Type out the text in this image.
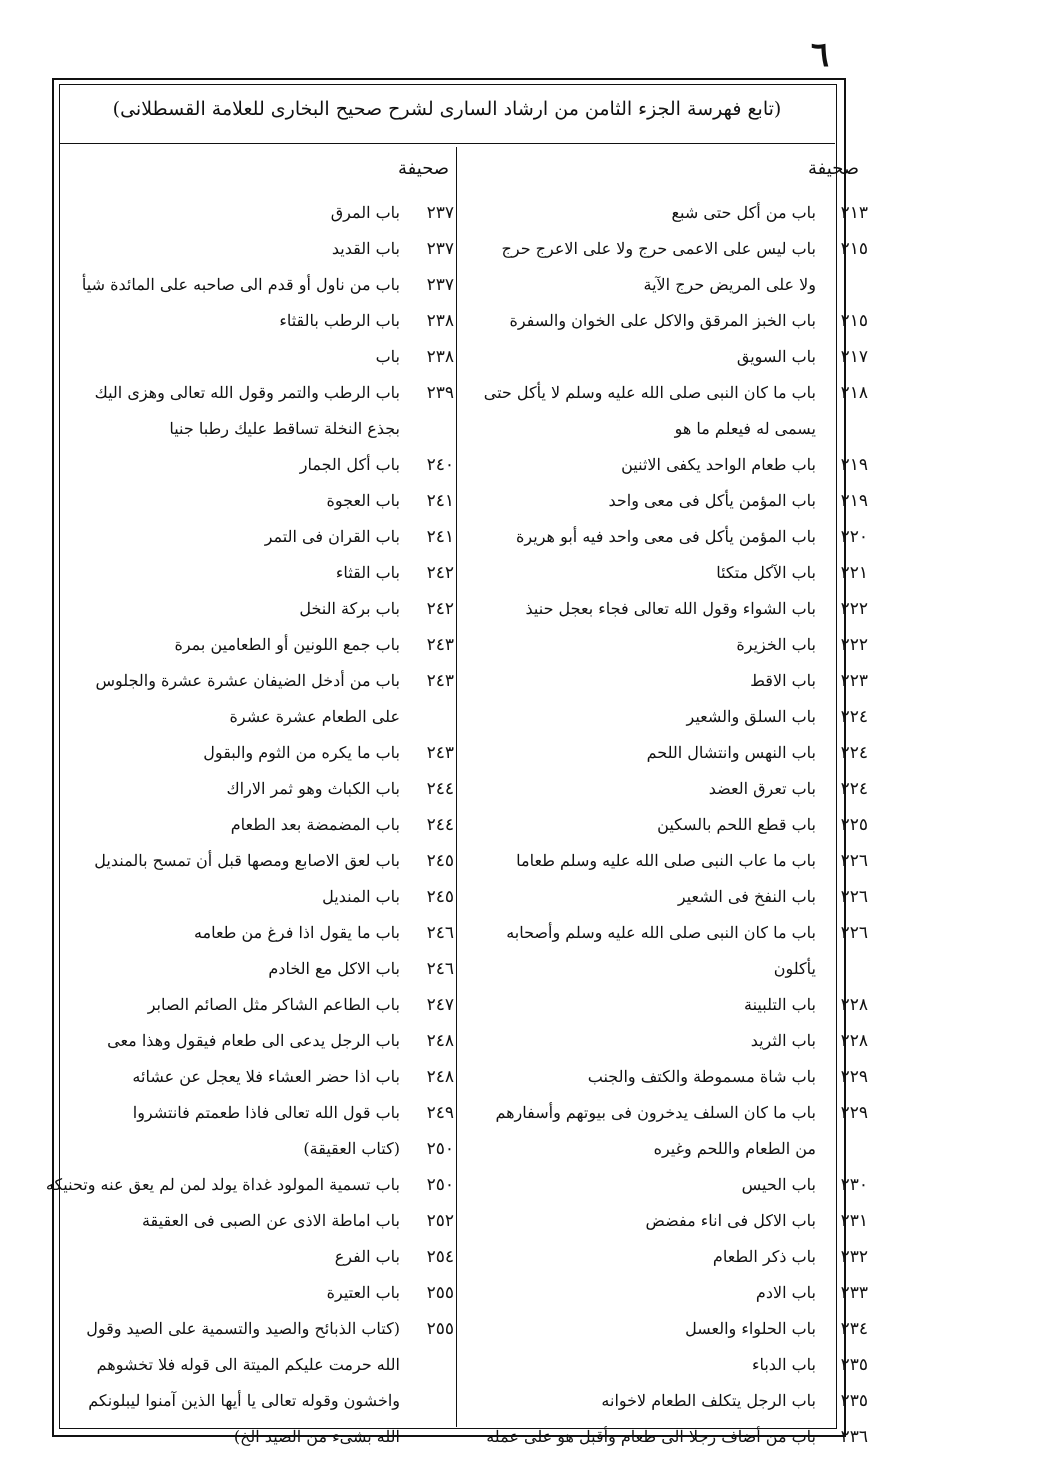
٦
(تابع فهرسة الجزء الثامن من ارشاد السارى لشرح صحيح البخارى للعلامة القسطلانى)
صحيفة
صحيفة
٢١٣
باب من أكل حتى شبع
٢١٥
باب ليس على الاعمى حرج ولا على الاعرج حرج
ولا على المريض حرج الآية
٢١٥
باب الخبز المرقق والاكل على الخوان والسفرة
٢١٧
باب السويق
٢١٨
باب ما كان النبى صلى الله عليه وسلم لا يأكل حتى
يسمى له فيعلم ما هو
٢١٩
باب طعام الواحد يكفى الاثنين
٢١٩
باب المؤمن يأكل فى معى واحد
٢٢٠
باب المؤمن يأكل فى معى واحد فيه أبو هريرة
٢٢١
باب الآكل متكئا
٢٢٢
باب الشواء وقول الله تعالى فجاء بعجل حنيذ
٢٢٢
باب الخزيرة
٢٢٣
باب الاقط
٢٢٤
باب السلق والشعير
٢٢٤
باب النهس وانتشال اللحم
٢٢٤
باب تعرق العضد
٢٢٥
باب قطع اللحم بالسكين
٢٢٦
باب ما عاب النبى صلى الله عليه وسلم طعاما
٢٢٦
باب النفخ فى الشعير
٢٢٦
باب ما كان النبى صلى الله عليه وسلم وأصحابه
يأكلون
٢٢٨
باب التلبينة
٢٢٨
باب الثريد
٢٢٩
باب شاة مسموطة والكتف والجنب
٢٢٩
باب ما كان السلف يدخرون فى بيوتهم وأسفارهم
من الطعام واللحم وغيره
٢٣٠
باب الحيس
٢٣١
باب الاكل فى اناء مفضض
٢٣٢
باب ذكر الطعام
٢٣٣
باب الادم
٢٣٤
باب الحلواء والعسل
٢٣٥
باب الدباء
٢٣٥
باب الرجل يتكلف الطعام لاخوانه
٢٣٦
باب من أضاف رجلا الى طعام وأقبل هو على عمله
٢٣٧
باب المرق
٢٣٧
باب القديد
٢٣٧
باب من ناول أو قدم الى صاحبه على المائدة شيأ
٢٣٨
باب الرطب بالقثاء
٢٣٨
باب
٢٣٩
باب الرطب والتمر وقول الله تعالى وهزى اليك
بجذع النخلة تساقط عليك رطبا جنيا
٢٤٠
باب أكل الجمار
٢٤١
باب العجوة
٢٤١
باب القران فى التمر
٢٤٢
باب القثاء
٢٤٢
باب بركة النخل
٢٤٣
باب جمع اللونين أو الطعامين بمرة
٢٤٣
باب من أدخل الضيفان عشرة عشرة والجلوس
على الطعام عشرة عشرة
٢٤٣
باب ما يكره من الثوم والبقول
٢٤٤
باب الكباث وهو ثمر الاراك
٢٤٤
باب المضمضة بعد الطعام
٢٤٥
باب لعق الاصابع ومصها قبل أن تمسح بالمنديل
٢٤٥
باب المنديل
٢٤٦
باب ما يقول اذا فرغ من طعامه
٢٤٦
باب الاكل مع الخادم
٢٤٧
باب الطاعم الشاكر مثل الصائم الصابر
٢٤٨
باب الرجل يدعى الى طعام فيقول وهذا معى
٢٤٨
باب اذا حضر العشاء فلا يعجل عن عشائه
٢٤٩
باب قول الله تعالى فاذا طعمتم فانتشروا
٢٥٠
(كتاب العقيقة)
٢٥٠
باب تسمية المولود غداة يولد لمن لم يعق عنه وتحنيكه
٢٥٢
باب اماطة الاذى عن الصبى فى العقيقة
٢٥٤
باب الفرع
٢٥٥
باب العتيرة
٢٥٥
(كتاب الذبائح والصيد والتسمية على الصيد وقول
الله حرمت عليكم الميتة الى قوله فلا تخشوهم
واخشون وقوله تعالى يا أيها الذين آمنوا ليبلونكم
الله بشىء من الصيد الخ)
